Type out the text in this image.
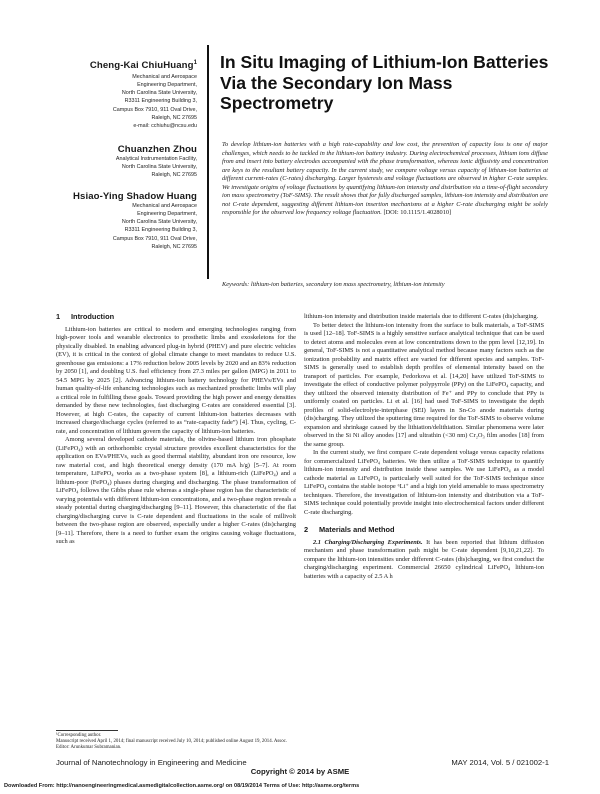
Cheng-Kai ChiuHuang$^1$
Mechanical and Aerospace
Engineering Department,
North Carolina State University,
R3311 Engineering Building 3,
Campus Box 7910, 911 Oval Drive,
Raleigh, NC 27695
e-mail: cchiuhu@ncsu.edu
Chuanzhen Zhou
Analytical Instrumentation Facility,
North Carolina State University,
Raleigh, NC 27695
Hsiao-Ying Shadow Huang
Mechanical and Aerospace
Engineering Department,
North Carolina State University,
R3311 Engineering Building 3,
Campus Box 7910, 911 Oval Drive,
Raleigh, NC 27695
In Situ Imaging of Lithium-Ion Batteries Via the Secondary Ion Mass Spectrometry
To develop lithium-ion batteries with a high rate-capability and low cost, the prevention of capacity loss is one of major challenges, which needs to be tackled in the lithium-ion battery industry. During electrochemical processes, lithium ions diffuse from and insert into battery electrodes accompanied with the phase transformation, whereas ionic diffusivity and concentration are keys to the resultant battery capacity. In the current study, we compare voltage versus capacity of lithium-ion batteries at different current-rates (C-rates) discharging. Larger hysteresis and voltage fluctuations are observed in higher C-rate samples. We investigate origins of voltage fluctuations by quantifying lithium-ion intensity and distribution via a time-of-flight secondary ion mass spectrometry (ToF-SIMS). The result shows that for fully discharged samples, lithium-ion intensity and distribution are not C-rate dependent, suggesting different lithium-ion insertion mechanisms at a higher C-rate discharging might be solely responsible for the observed low frequency voltage fluctuation. [DOI: 10.1115/1.4028010]
Keywords: lithium-ion batteries, secondary ion mass spectrometry, lithium-ion intensity
1 Introduction

Lithium-ion batteries are critical to modern and emerging technologies ranging from high-power tools and wearable electronics to prosthetic limbs and exoskeletons for the physically disabled. In enabling advanced plug-in hybrid (PHEV) and pure electric vehicles (EV), it is critical in the context of global climate change to meet mandates to reduce U.S. greenhouse gas emissions: a 17% reduction below 2005 levels by 2020 and an 83% reduction by 2050 [1], and doubling U.S. fuel efficiency from 27.3 miles per gallon (MPG) in 2011 to 54.5 MPG by 2025 [2]. Advancing lithium-ion battery technology for PHEVs/EVs and human quality-of-life enhancing technologies such as mechanized prosthetic limbs will play a critical role in fulfilling these goals. Toward providing the high power and energy densities demanded by these new technologies, fast discharging C-rates are considered essential [3]. However, at high C-rates, the capacity of current lithium-ion batteries decreases with increased charge/discharge cycles (referred to as “rate-capacity fade”) [4]. Thus, cycling, C-rate, and concentration of lithium govern the capacity of lithium-ion batteries.

Among several developed cathode materials, the olivine-based lithium iron phosphate (LiFePO₄) with an orthorhombic crystal structure provides excellent characteristics for the application on EVs/PHEVs, such as good thermal stability, abundant iron ore resource, low raw material cost, and high theoretical energy density (170 mA h/g) [5–7]. At room temperature, LiFePO₄ works as a two-phase system [8], a lithium-rich (LiFePO₄) and a lithium-poor (FePO₄) phases during charging and discharging. The phase transformation of LiFePO₄ follows the Gibbs phase rule whereas a single-phase region has the characteristic of varying potentials with different lithium-ion concentrations, and a two-phase region reveals a steady potential during charging/discharging [9–11]. However, this characteristic of the flat charging/discharging curve is C-rate dependent and fluctuations in the scale of millivolt between the two-phase region are observed, especially under a higher C-rates (dis)charging [9–11]. Therefore, there is a need to further exam the origins causing voltage fluctuations, such as

¹Corresponding author.
Manuscript received April 1, 2014; final manuscript received July 10, 2014; published online August 19, 2014. Assoc. Editor: Arunkumar Subramanian.

lithium-ion intensity and distribution inside materials due to different C-rates (dis)charging.

To better detect the lithium-ion intensity from the surface to bulk materials, a ToF-SIMS is used [12–18]. ToF-SIMS is a highly sensitive surface analytical technique that can be used to detect atoms and molecules even at low concentrations down to the ppm level [12,19]. In general, ToF-SIMS is not a quantitative analytical method because many factors such as the ionization probability and matrix effect are varied for different species and samples. ToF-SIMS is generally used to establish depth profiles of elemental intensity based on the transport of particles. For example, Fedorkova et al. [14,20] have utilized ToF-SIMS to investigate the effect of conductive polymer polypyrrole (PPy) on the LiFePO₄ capacity, and they utilized the observed intensity distribution of Fe⁺ and PPy to conclude that PPy is uniformly coated on particles. Li et al. [16] had used ToF-SIMS to investigate the depth profiles of solid-electrolyte-interphase (SEI) layers in Sn-Co anode materials during (dis)charging. They utilized the sputtering time required for the ToF-SIMS to observe volume expansion and shrinkage caused by the lithiation/delithiation. Similar phenomena were later observed in the Si Ni alloy anodes [17] and ultrathin (<30 nm) Cr₂O₃ film anodes [18] from the same group.

In the current study, we first compare C-rate dependent voltage versus capacity relations for commercialized LiFePO₄ batteries. We then utilize a ToF-SIMS technique to quantify lithium-ion intensity and distribution inside these samples. We use LiFePO₄ as a model cathode material as LiFePO₄ is particularly well suited for the ToF-SIMS technique since LiFePO₄ contains the stable isotope ⁶Li⁺ and a high ion yield amenable to mass spectrometry techniques. Therefore, the investigation of lithium-ion intensity and distribution via a ToF-SIMS technique could potentially provide insight into electrochemical factors under different C-rate discharging.

2 Materials and Method

2.1 Charging/Discharging Experiments. It has been reported that lithium diffusion mechanism and phase transformation path might be C-rate dependent [9,10,21,22]. To compare the lithium-ion intensities under different C-rates (dis)charging, we first conduct the charging/discharging experiment. Commercial 26650 cylindrical LiFePO₄ lithium-ion batteries with a capacity of 2.5 A h

Journal of Nanotechnology in Engineering and Medicine	MAY 2014, Vol. 5 / 021002-1
Copyright © 2014 by ASME
Downloaded From: http://nanoengineeringmedical.asmedigitalcollection.asme.org/ on 08/19/2014 Terms of Use: http://asme.org/terms
